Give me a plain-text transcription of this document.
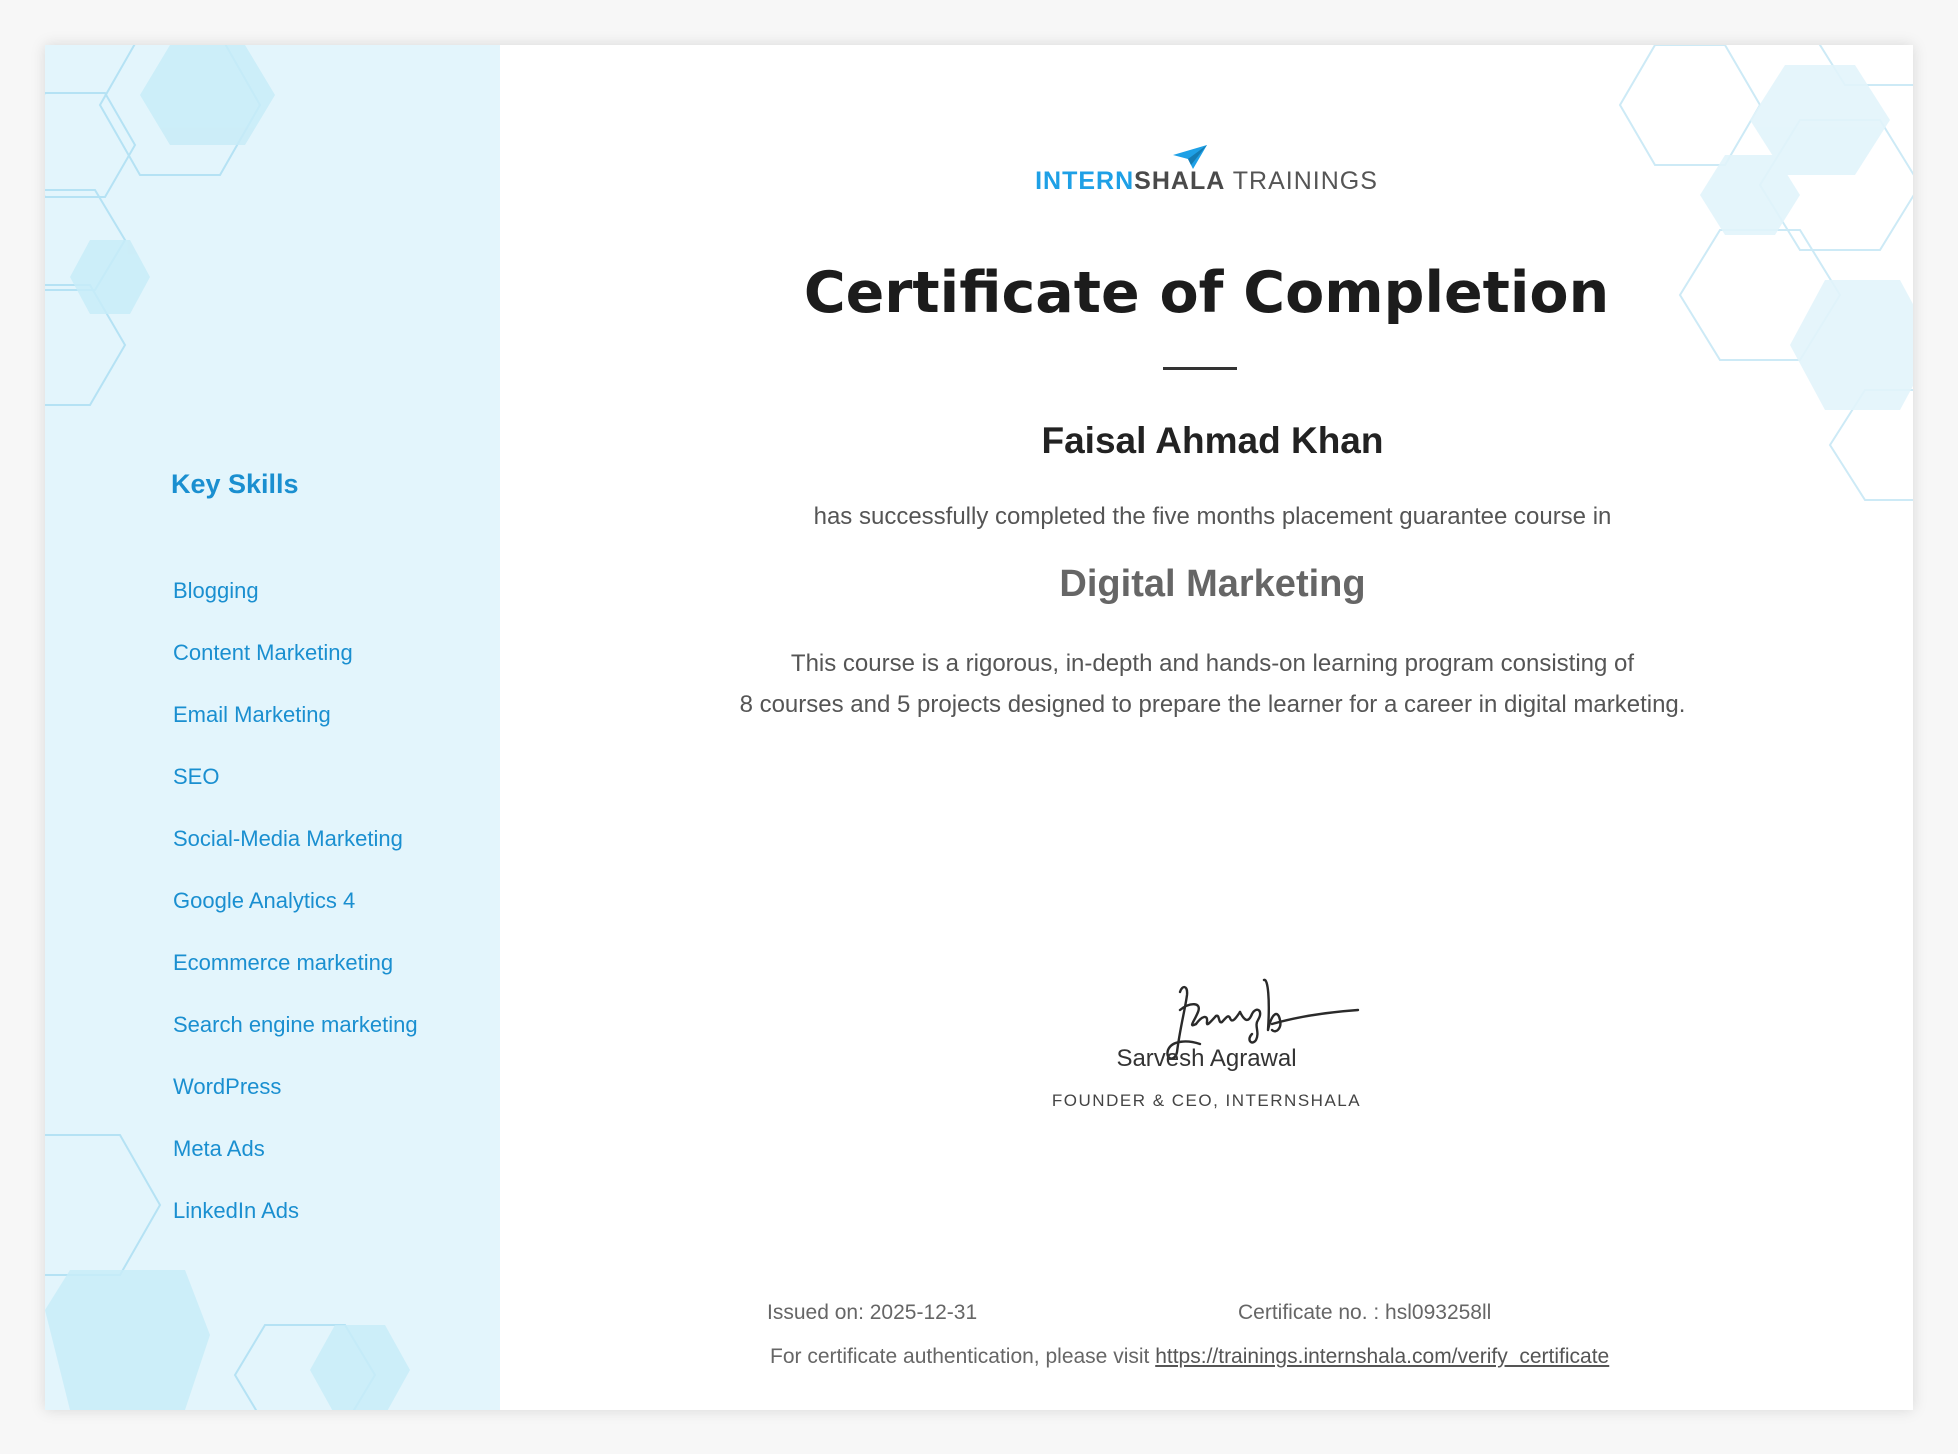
Key Skills
Blogging
Content Marketing
Email Marketing
SEO
Social-Media Marketing
Google Analytics 4
Ecommerce marketing
Search engine marketing
WordPress
Meta Ads
LinkedIn Ads
INTERNSHALA TRAININGS
Certificate of Completion

Faisal Ahmad Khan

has successfully completed the five months placement guarantee course in

Digital Marketing

This course is a rigorous, in-depth and hands-on learning program consisting of
8 courses and 5 projects designed to prepare the learner for a career in digital marketing.

Sarvesh Agrawal

FOUNDER & CEO, INTERNSHALA

Issued on: 2025-12-31	Certificate no. : hsl093258ll

For certificate authentication, please visit https://trainings.internshala.com/verify_certificate
